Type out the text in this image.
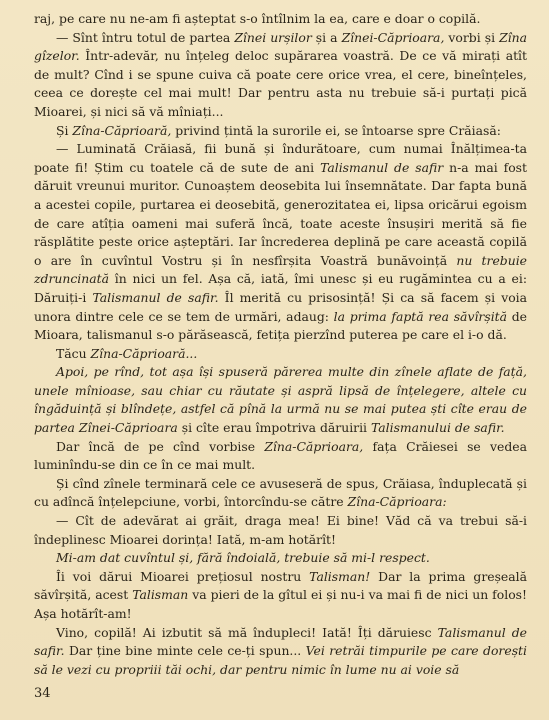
raj, pe care nu ne-am fi așteptat s-o întîlnim la ea, care e doar o copilă.

— Sînt întru totul de partea Zînei urșilor și a Zînei-Căprioara, vorbi și Zîna gîzelor. Într-adevăr, nu înțeleg deloc supărarea voastră. De ce vă mirați atît de mult? Cînd i se spune cuiva că poate cere orice vrea, el cere, bineînțeles, ceea ce dorește cel mai mult! Dar pentru asta nu trebuie să-i purtați pică Mioarei, și nici să vă mîniați...

Și Zîna-Căprioară, privind țintă la surorile ei, se întoarse spre Crăiasă:

— Luminată Crăiasă, fii bună și îndurătoare, cum numai Înălțimea-ta poate fi! Știm cu toatele că de sute de ani Talismanul de safir n-a mai fost dăruit vreunui muritor. Cunoaștem deosebita lui însemnătate. Dar fapta bună a acestei copile, purtarea ei deosebită, generozitatea ei, lipsa oricărui egoism de care atîția oameni mai suferă încă, toate aceste însușiri merită să fie răsplătite peste orice așteptări. Iar încrederea deplină pe care această copilă o are în cuvîntul Vostru și în nesfîrșita Voastră bunăvoință nu trebuie zdruncinată în nici un fel. Așa că, iată, îmi unesc și eu rugămintea cu a ei: Dăruiți-i Talismanul de safir. Îl merită cu prisosință! Și ca să facem și voia unora dintre cele ce se tem de urmări, adaug: la prima faptă rea săvîrșită de Mioara, talismanul s-o părăsească, fetița pierzînd puterea pe care el i-o dă.

Tăcu Zîna-Căprioară...

Apoi, pe rînd, tot așa își spuseră părerea multe din zînele aflate de față, unele mînioase, sau chiar cu răutate și aspră lipsă de înțelegere, altele cu îngăduință și blîndețe, astfel că pînă la urmă nu se mai putea ști cîte erau de partea Zînei-Căprioara și cîte erau împotriva dăruirii Talismanului de safir.

Dar încă de pe cînd vorbise Zîna-Căprioara, fața Crăiesei se vedea luminîndu-se din ce în ce mai mult.

Și cînd zînele terminară cele ce avuseseră de spus, Crăiasa, înduplecată și cu adîncă înțelepciune, vorbi, întorcîndu-se către Zîna-Căprioara:

— Cît de adevărat ai grăit, draga mea! Ei bine! Văd că va trebui să-i îndeplinesc Mioarei dorința! Iată, m-am hotărît!

Mi-am dat cuvîntul și, fără îndoială, trebuie să mi-l respect.

Îi voi dărui Mioarei prețiosul nostru Talisman! Dar la prima greșeală săvîrșită, acest Talisman va pieri de la gîtul ei și nu-i va mai fi de nici un folos! Așa hotărît-am!

Vino, copilă! Ai izbutit să mă înduplеci! Iată! Îți dăruiesc Talismanul de safir. Dar ține bine minte cele ce-ți spun... Vei retrăi timpurile pe care dorești să le vezi cu propriii tăi ochi, dar pentru nimic în lume nu ai voie să

34
